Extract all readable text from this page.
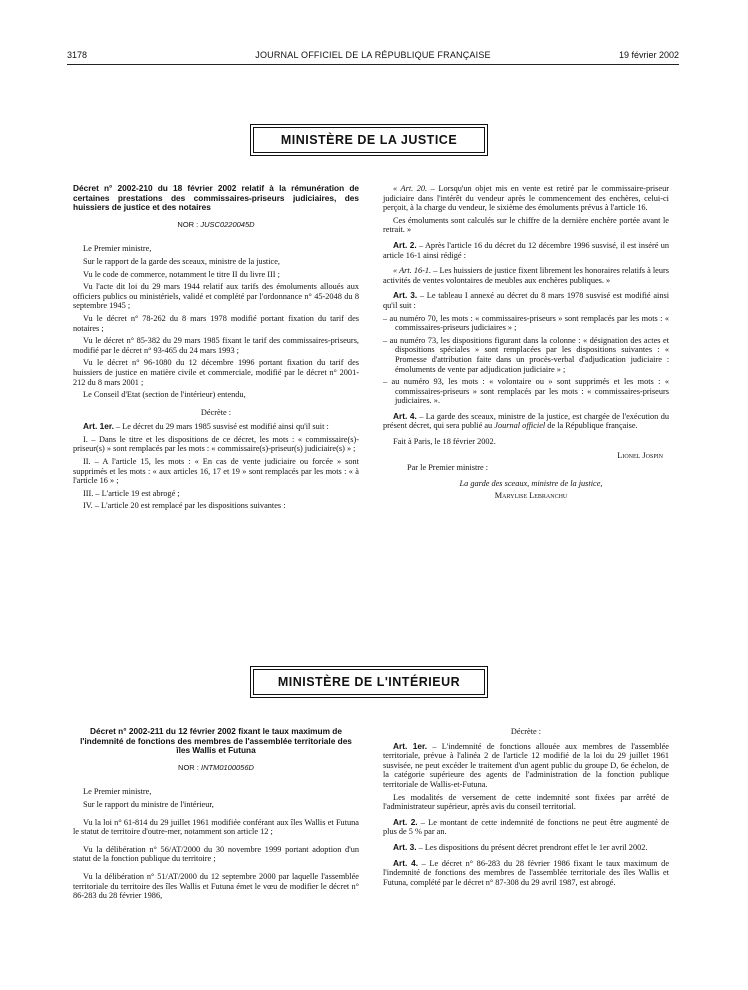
3178	JOURNAL OFFICIEL DE LA RÉPUBLIQUE FRANÇAISE	19 février 2002
MINISTÈRE DE LA JUSTICE

Décret n° 2002-210 du 18 février 2002 relatif à la rémunération de certaines prestations des commissaires-priseurs judiciaires, des huissiers de justice et des notaires

NOR : JUSC0220045D

Le Premier ministre,

Sur le rapport de la garde des sceaux, ministre de la justice,

Vu le code de commerce, notamment le titre II du livre III ;

Vu l'acte dit loi du 29 mars 1944 relatif aux tarifs des émoluments alloués aux officiers publics ou ministériels, validé et complété par l'ordonnance n° 45-2048 du 8 septembre 1945 ;

Vu le décret n° 78-262 du 8 mars 1978 modifié portant fixation du tarif des notaires ;

Vu le décret n° 85-382 du 29 mars 1985 fixant le tarif des commissaires-priseurs, modifié par le décret n° 93-465 du 24 mars 1993 ;

Vu le décret n° 96-1080 du 12 décembre 1996 portant fixation du tarif des huissiers de justice en matière civile et commerciale, modifié par le décret n° 2001-212 du 8 mars 2001 ;

Le Conseil d'Etat (section de l'intérieur) entendu,

Décrète :

Art. 1er. – Le décret du 29 mars 1985 susvisé est modifié ainsi qu'il suit :

I. – Dans le titre et les dispositions de ce décret, les mots : « commissaire(s)-priseur(s) » sont remplacés par les mots : « commissaire(s)-priseur(s) judiciaire(s) » ;

II. – A l'article 15, les mots : « En cas de vente judiciaire ou forcée » sont supprimés et les mots : « aux articles 16, 17 et 19 » sont remplacés par les mots : « à l'article 16 » ;

III. – L'article 19 est abrogé ;

IV. – L'article 20 est remplacé par les dispositions suivantes :

« Art. 20. – Lorsqu'un objet mis en vente est retiré par le commissaire-priseur judiciaire dans l'intérêt du vendeur après le commencement des enchères, celui-ci perçoit, à la charge du vendeur, le sixième des émoluments prévus à l'article 16.

Ces émoluments sont calculés sur le chiffre de la dernière enchère portée avant le retrait. »

Art. 2. – Après l'article 16 du décret du 12 décembre 1996 susvisé, il est inséré un article 16-1 ainsi rédigé :

« Art. 16-1. – Les huissiers de justice fixent librement les honoraires relatifs à leurs activités de ventes volontaires de meubles aux enchères publiques. »

Art. 3. – Le tableau I annexé au décret du 8 mars 1978 susvisé est modifié ainsi qu'il suit :

– au numéro 70, les mots : « commissaires-priseurs » sont remplacés par les mots : « commissaires-priseurs judiciaires » ;

– au numéro 73, les dispositions figurant dans la colonne : « désignation des actes et dispositions spéciales » sont remplacées par les dispositions suivantes : « Promesse d'attribution faite dans un procès-verbal d'adjudication judiciaire : émoluments de vente par adjudication judiciaire » ;

– au numéro 93, les mots : « volontaire ou » sont supprimés et les mots : « commissaires-priseurs » sont remplacés par les mots : « commissaires-priseurs judiciaires. ».

Art. 4. – La garde des sceaux, ministre de la justice, est chargée de l'exécution du présent décret, qui sera publié au Journal officiel de la République française.

Fait à Paris, le 18 février 2002.

Lionel Jospin

Par le Premier ministre :

La garde des sceaux, ministre de la justice,

Marylise Lebranchu

MINISTÈRE DE L'INTÉRIEUR

Décret n° 2002-211 du 12 février 2002 fixant le taux maximum de l'indemnité de fonctions des membres de l'assemblée territoriale des îles Wallis et Futuna

NOR : INTM0100056D

Le Premier ministre,

Sur le rapport du ministre de l'intérieur,

Vu la loi n° 61-814 du 29 juillet 1961 modifiée conférant aux îles Wallis et Futuna le statut de territoire d'outre-mer, notamment son article 12 ;

Vu la délibération n° 56/AT/2000 du 30 novembre 1999 portant adoption d'un statut de la fonction publique du territoire ;

Vu la délibération n° 51/AT/2000 du 12 septembre 2000 par laquelle l'assemblée territoriale du territoire des îles Wallis et Futuna émet le vœu de modifier le décret n° 86-283 du 28 février 1986,

Décrète :

Art. 1er. – L'indemnité de fonctions allouée aux membres de l'assemblée territoriale, prévue à l'alinéa 2 de l'article 12 modifié de la loi du 29 juillet 1961 susvisée, ne peut excéder le traitement d'un agent public du groupe D, 6e échelon, de la catégorie supérieure des agents de l'administration de la fonction publique territoriale de Wallis-et-Futuna.

Les modalités de versement de cette indemnité sont fixées par arrêté de l'administrateur supérieur, après avis du conseil territorial.

Art. 2. – Le montant de cette indemnité de fonctions ne peut être augmenté de plus de 5 % par an.

Art. 3. – Les dispositions du présent décret prendront effet le 1er avril 2002.

Art. 4. – Le décret n° 86-283 du 28 février 1986 fixant le taux maximum de l'indemnité de fonctions des membres de l'assemblée territoriale des îles Wallis et Futuna, complété par le décret n° 87-308 du 29 avril 1987, est abrogé.
